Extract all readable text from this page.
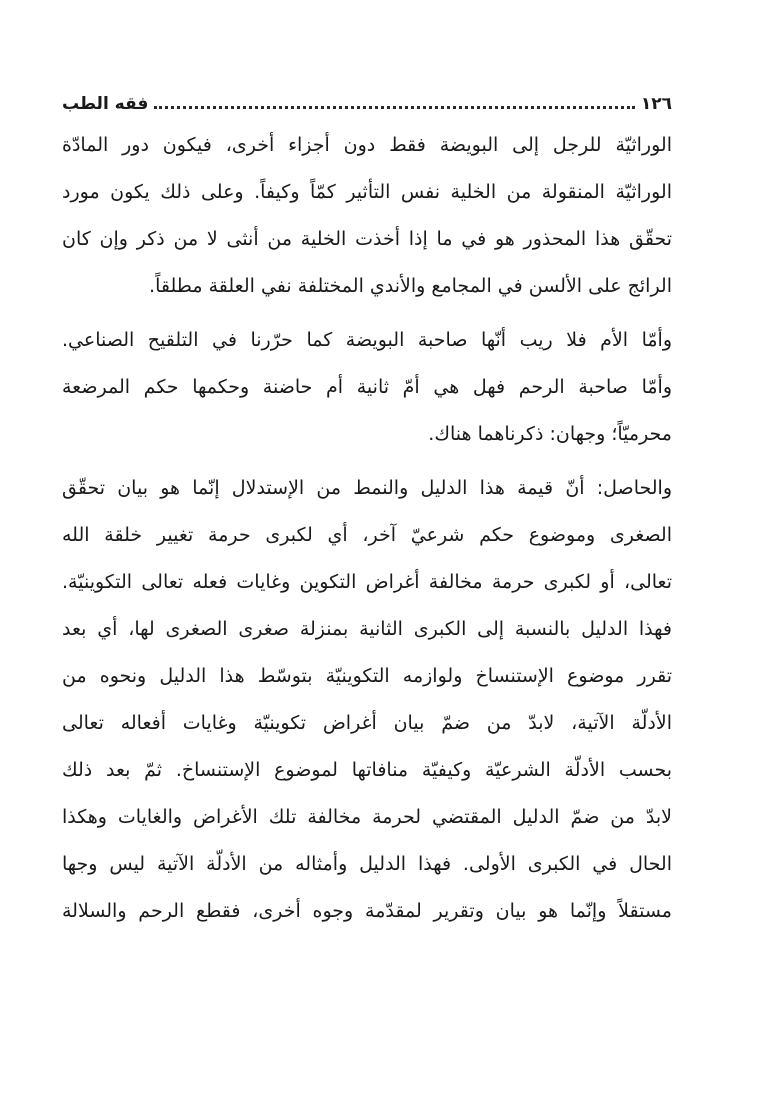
١٢٦
فقه الطب
الوراثيّة للرجل إلى البويضة فقط دون أجزاء أخرى، فيكون دور المادّة
الوراثيّة المنقولة من الخلية نفس التأثير كمّاً وكيفاً. وعلى ذلك يكون مورد
تحقّق هذا المحذور هو في ما إذا أخذت الخلية من أنثى لا من ذكر وإن كان
الرائج على الألسن في المجامع والأندي المختلفة نفي العلقة مطلقاً.
وأمّا الأم فلا ريب أنّها صاحبة البويضة كما حرّرنا في التلقيح الصناعي.
وأمّا صاحبة الرحم فهل هي أمّ ثانية أم حاضنة وحكمها حكم المرضعة
محرميّاً؛ وجهان: ذكرناهما هناك.
والحاصل: أنّ قيمة هذا الدليل والنمط من الإستدلال إنّما هو بيان تحقّق
الصغرى وموضوع حكم شرعيّ آخر، أي لكبرى حرمة تغيير خلقة الله
تعالى، أو لكبرى حرمة مخالفة أغراض التكوين وغايات فعله تعالى التكوينيّة.
فهذا الدليل بالنسبة إلى الكبرى الثانية بمنزلة صغرى الصغرى لها، أي بعد
تقرر موضوع الإستنساخ ولوازمه التكوينيّة بتوسّط هذا الدليل ونحوه من
الأدلّة الآتية، لابدّ من ضمّ بيان أغراض تكوينيّة وغايات أفعاله تعالى
بحسب الأدلّة الشرعيّة وكيفيّة منافاتها لموضوع الإستنساخ. ثمّ بعد ذلك
لابدّ من ضمّ الدليل المقتضي لحرمة مخالفة تلك الأغراض والغايات وهكذا
الحال في الكبرى الأولى. فهذا الدليل وأمثاله من الأدلّة الآتية ليس وجها
مستقلاً وإنّما هو بيان وتقرير لمقدّمة وجوه أخرى، فقطع الرحم والسلالة
